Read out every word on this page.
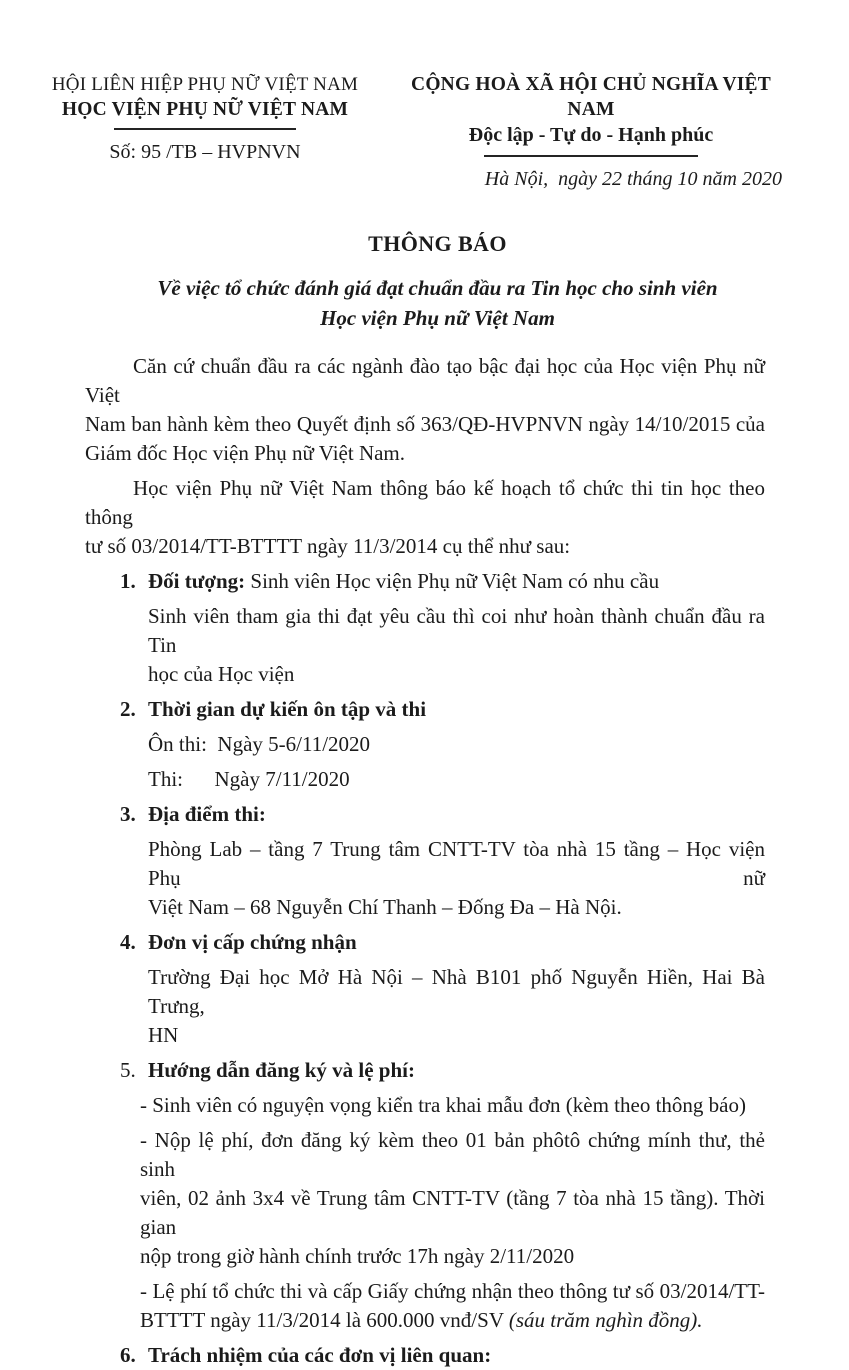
HỘI LIÊN HIỆP PHỤ NỮ VIỆT NAM
HỌC VIỆN PHỤ NỮ VIỆT NAM
Số: 95 /TB – HVPNVN
CỘNG HOÀ XÃ HỘI CHỦ NGHĨA VIỆT NAM
Độc lập - Tự do - Hạnh phúc
Hà Nội,  ngày 22 tháng 10 năm 2020
THÔNG BÁO
Về việc tổ chức đánh giá đạt chuẩn đầu ra Tin học cho sinh viên
Học viện Phụ nữ Việt Nam
Căn cứ chuẩn đầu ra các ngành đào tạo bậc đại học của Học viện Phụ nữ Việt
Nam ban hành kèm theo Quyết định số 363/QĐ-HVPNVN ngày 14/10/2015 của
Giám đốc Học viện Phụ nữ Việt Nam.
Học viện Phụ nữ Việt Nam thông báo kế hoạch tổ chức thi tin học theo thông
tư số 03/2014/TT-BTTTT ngày 11/3/2014 cụ thể như sau:
1. Đối tượng: Sinh viên Học viện Phụ nữ Việt Nam có nhu cầu
Sinh viên tham gia thi đạt yêu cầu thì coi như hoàn thành chuẩn đầu ra Tin
học của Học viện
2. Thời gian dự kiến ôn tập và thi
Ôn thi:  Ngày 5-6/11/2020
Thi:      Ngày 7/11/2020
3. Địa điểm thi:
Phòng Lab – tầng 7 Trung tâm CNTT-TV tòa nhà 15 tầng – Học viện Phụ nữ
Việt Nam – 68 Nguyễn Chí Thanh – Đống Đa – Hà Nội.
4. Đơn vị cấp chứng nhận
Trường Đại học Mở Hà Nội – Nhà B101 phố Nguyễn Hiền, Hai Bà Trưng,
HN
5. Hướng dẫn đăng ký và lệ phí:
- Sinh viên có nguyện vọng kiển tra khai mẫu đơn (kèm theo thông báo)
- Nộp lệ phí, đơn đăng ký kèm theo 01 bản phôtô chứng mính thư, thẻ sinh
viên, 02 ảnh 3x4 về Trung tâm CNTT-TV (tầng 7 tòa nhà 15 tầng). Thời gian
nộp trong giờ hành chính trước 17h ngày 2/11/2020
- Lệ phí tổ chức thi và cấp Giấy chứng nhận theo thông tư số 03/2014/TT-
BTTTT ngày 11/3/2014 là 600.000 vnđ/SV (sáu trăm nghìn đồng).
6. Trách nhiệm của các đơn vị liên quan:
